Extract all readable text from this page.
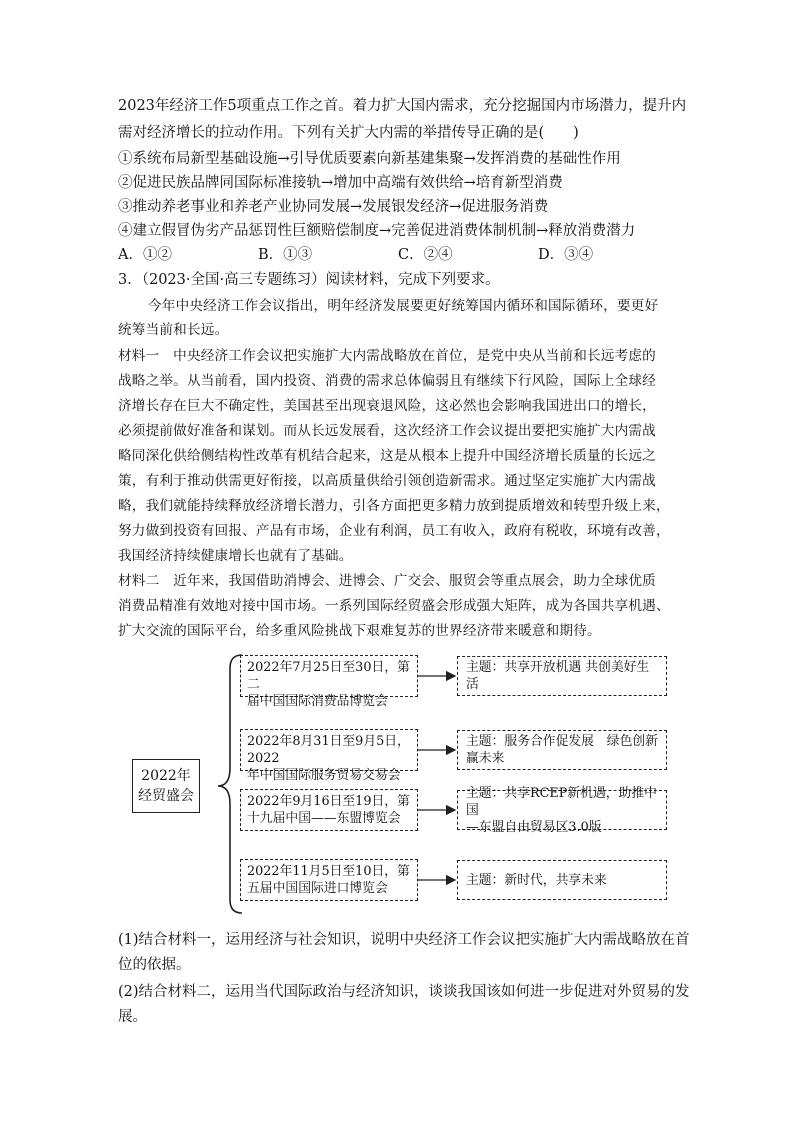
2023年经济工作5项重点工作之首。着力扩大国内需求，充分挖掘国内市场潜力，提升内
需对经济增长的拉动作用。下列有关扩大内需的举措传导正确的是(　　)
①系统布局新型基础设施→引导优质要素向新基建集聚→发挥消费的基础性作用
②促进民族品牌同国际标准接轨→增加中高端有效供给→培育新型消费
③推动养老事业和养老产业协同发展→发展银发经济→促进服务消费
④建立假冒伪劣产品惩罚性巨额赔偿制度→完善促进消费体制机制→释放消费潜力
A．①②	B．①③	C．②④	D．③④
3．（2023·全国·高三专题练习）阅读材料，完成下列要求。
今年中央经济工作会议指出，明年经济发展要更好统筹国内循环和国际循环，要更好
统筹当前和长远。
材料一　中央经济工作会议把实施扩大内需战略放在首位，是党中央从当前和长远考虑的
战略之举。从当前看，国内投资、消费的需求总体偏弱且有继续下行风险，国际上全球经
济增长存在巨大不确定性，美国甚至出现衰退风险，这必然也会影响我国进出口的增长，
必须提前做好准备和谋划。而从长远发展看，这次经济工作会议提出要把实施扩大内需战
略同深化供给侧结构性改革有机结合起来，这是从根本上提升中国经济增长质量的长远之
策，有利于推动供需更好衔接，以高质量供给引领创造新需求。通过坚定实施扩大内需战
略，我们就能持续释放经济增长潜力，引各方面把更多精力放到提质增效和转型升级上来，
努力做到投资有回报、产品有市场，企业有利润，员工有收入，政府有税收，环境有改善，
我国经济持续健康增长也就有了基础。
材料二　近年来，我国借助消博会、进博会、广交会、服贸会等重点展会，助力全球优质
消费品精准有效地对接中国市场。一系列国际经贸盛会形成强大矩阵，成为各国共享机遇、
扩大交流的国际平台，给多重风险挑战下艰难复苏的世界经济带来暖意和期待。
2022年
经贸盛会
2022年7月25日至30日，第二
届中国国际消费品博览会
2022年8月31日至9月5日，2022
年中国国际服务贸易交易会
2022年9月16日至19日，第
十九届中国——东盟博览会
2022年11月5日至10日，第
五届中国国际进口博览会
主题：共享开放机遇 共创美好生活
主题：服务合作促发展　绿色创新
赢未来
主题：共享RCEP新机遇，助推中国
—东盟自由贸易区3.0版
主题：新时代，共享未来
(1)结合材料一，运用经济与社会知识，说明中央经济工作会议把实施扩大内需战略放在首
位的依据。
(2)结合材料二，运用当代国际政治与经济知识，谈谈我国该如何进一步促进对外贸易的发
展。
